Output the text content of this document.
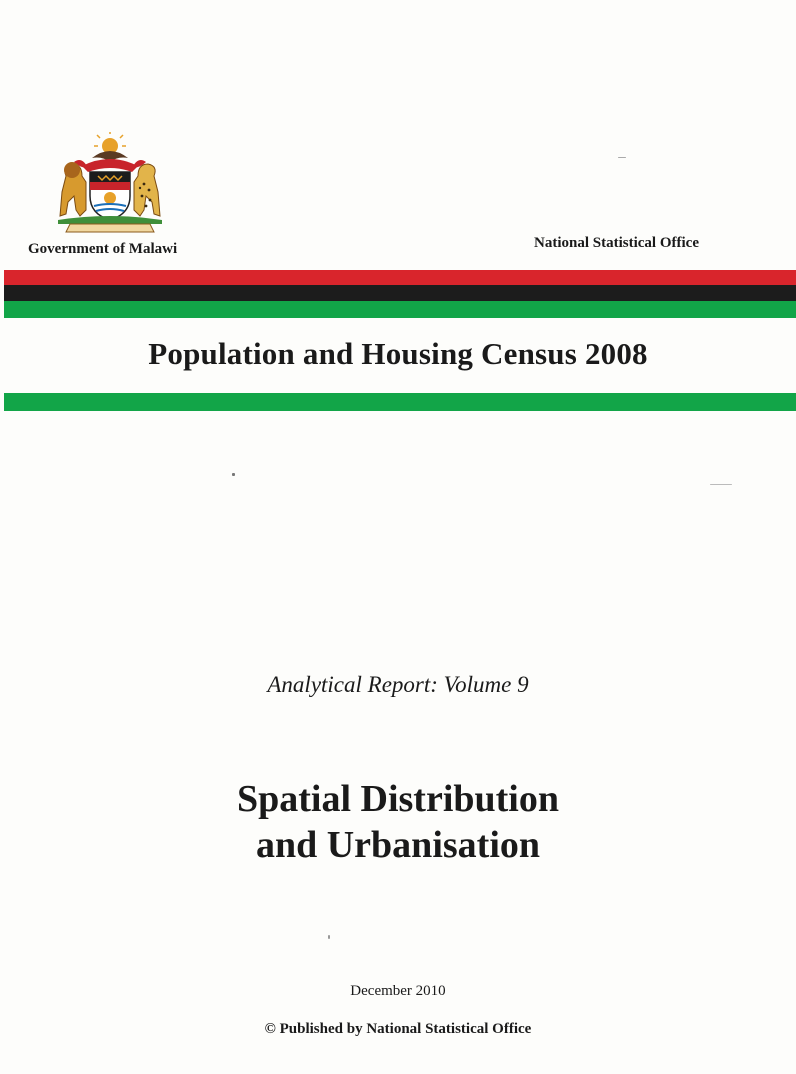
Government of Malawi	National Statistical Office
Population and Housing Census 2008
Analytical Report: Volume 9
Spatial Distribution
and Urbanisation
December 2010
© Published by National Statistical Office
